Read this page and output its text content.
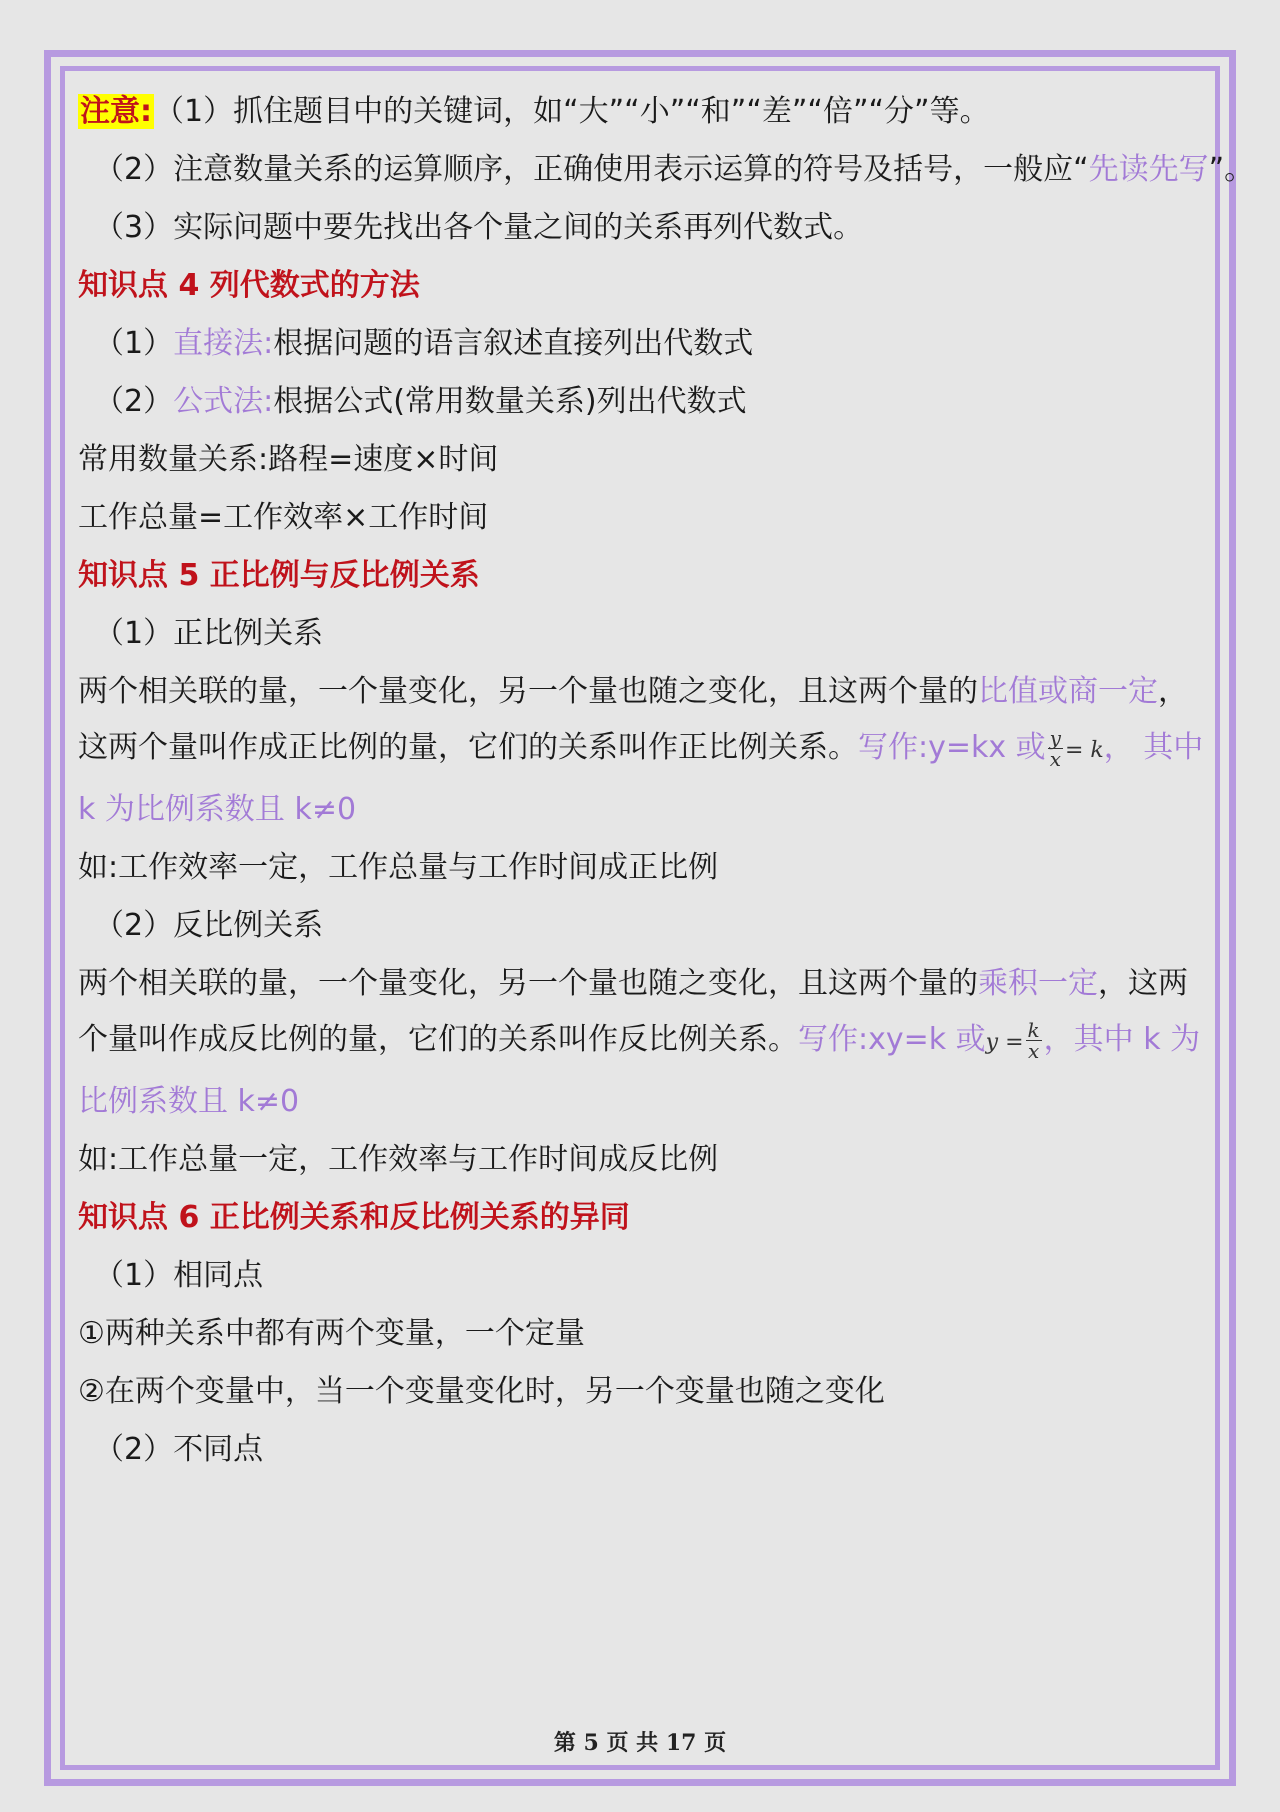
注意:（1）抓住题目中的关键词，如“大”“小”“和”“差”“倍”“分”等。
（2）注意数量关系的运算顺序，正确使用表示运算的符号及括号，一般应“先读先写”。
（3）实际问题中要先找出各个量之间的关系再列代数式。
知识点 4 列代数式的方法
（1）直接法:根据问题的语言叙述直接列出代数式
（2）公式法:根据公式(常用数量关系)列出代数式
常用数量关系:路程=速度×时间
工作总量=工作效率×工作时间
知识点 5 正比例与反比例关系
（1）正比例关系
两个相关联的量，一个量变化，另一个量也随之变化，且这两个量的比值或商一定，
这两个量叫作成正比例的量，它们的关系叫作正比例关系。写作:y=kx 或 $\frac{y}{x} = k$， 其中
k 为比例系数且 k≠0
如:工作效率一定，工作总量与工作时间成正比例
（2）反比例关系
两个相关联的量，一个量变化，另一个量也随之变化，且这两个量的乘积一定，这两
个量叫作成反比例的量，它们的关系叫作反比例关系。写作:xy=k 或$y = \frac{k}{x}$ ，其中 k 为
比例系数且 k≠0
如:工作总量一定，工作效率与工作时间成反比例
知识点 6 正比例关系和反比例关系的异同
（1）相同点
①两种关系中都有两个变量，一个定量
②在两个变量中，当一个变量变化时，另一个变量也随之变化
（2）不同点
第 5 页 共 17 页
